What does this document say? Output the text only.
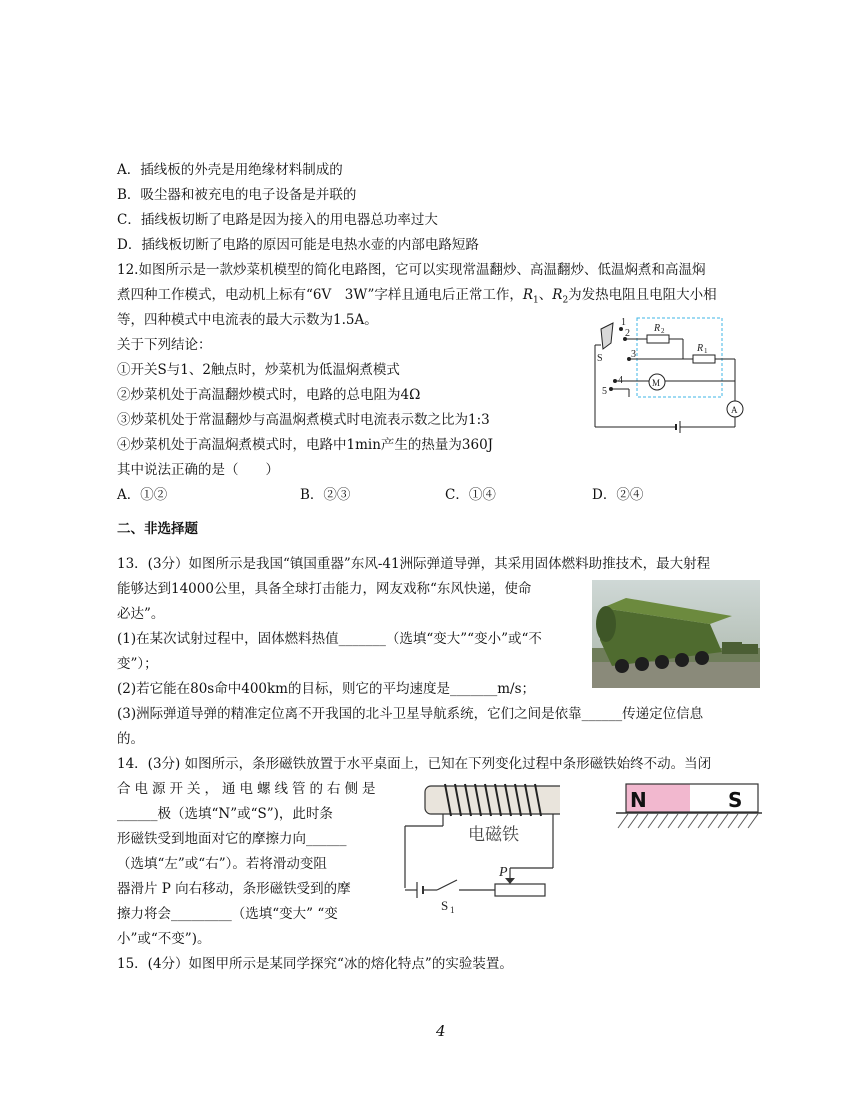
A．插线板的外壳是用绝缘材料制成的
B．吸尘器和被充电的电子设备是并联的
C．插线板切断了电路是因为接入的用电器总功率过大
D．插线板切断了电路的原因可能是电热水壶的内部电路短路
12.如图所示是一款炒菜机模型的简化电路图，它可以实现常温翻炒、高温翻炒、低温焖煮和高温焖
煮四种工作模式，电动机上标有“6V　3W”字样且通电后正常工作，$R_1$、$R_2$为发热电阻且电阻大小相
等，四种模式中电流表的最大示数为1.5A。
关于下列结论：
①开关S与1、2触点时，炒菜机为低温焖煮模式
②炒菜机处于高温翻炒模式时，电路的总电阻为4Ω
③炒菜机处于常温翻炒与高温焖煮模式时电流表示数之比为1:3
④炒菜机处于高温焖煮模式时，电路中1min产生的热量为360J
其中说法正确的是（　　）
A．①②	B．②③	C．①④	D．②④
1
2
3
4
5
S
R 2
R 1
M
A
二、非选择题
13．(3分）如图所示是我国“镇国重器”东风-41洲际弹道导弹，其采用固体燃料助推技术，最大射程
能够达到14000公里，具备全球打击能力，网友戏称“东风快递，使命
必达”。
(1)在某次试射过程中，固体燃料热值_______（选填“变大”“变小”或“不
变”）；
(2)若它能在80s命中400km的目标，则它的平均速度是_______m/s；
(3)洲际弹道导弹的精准定位离不开我国的北斗卫星导航系统，它们之间是依靠______传递定位信息
的。
14．(3分) 如图所示，条形磁铁放置于水平桌面上，已知在下列变化过程中条形磁铁始终不动。当闭
合电源开关，通电螺线管的右侧是
______极（选填“N”或“S”)，此时条
形磁铁受到地面对它的摩擦力向______
（选填“左”或“右”）。若将滑动变阻
器滑片 P 向右移动，条形磁铁受到的摩
擦力将会_________（选填“变大” “变
小”或“不变”)。
电磁铁
P
S 1
N	S
15．(4分）如图甲所示是某同学探究“冰的熔化特点”的实验装置。
4
